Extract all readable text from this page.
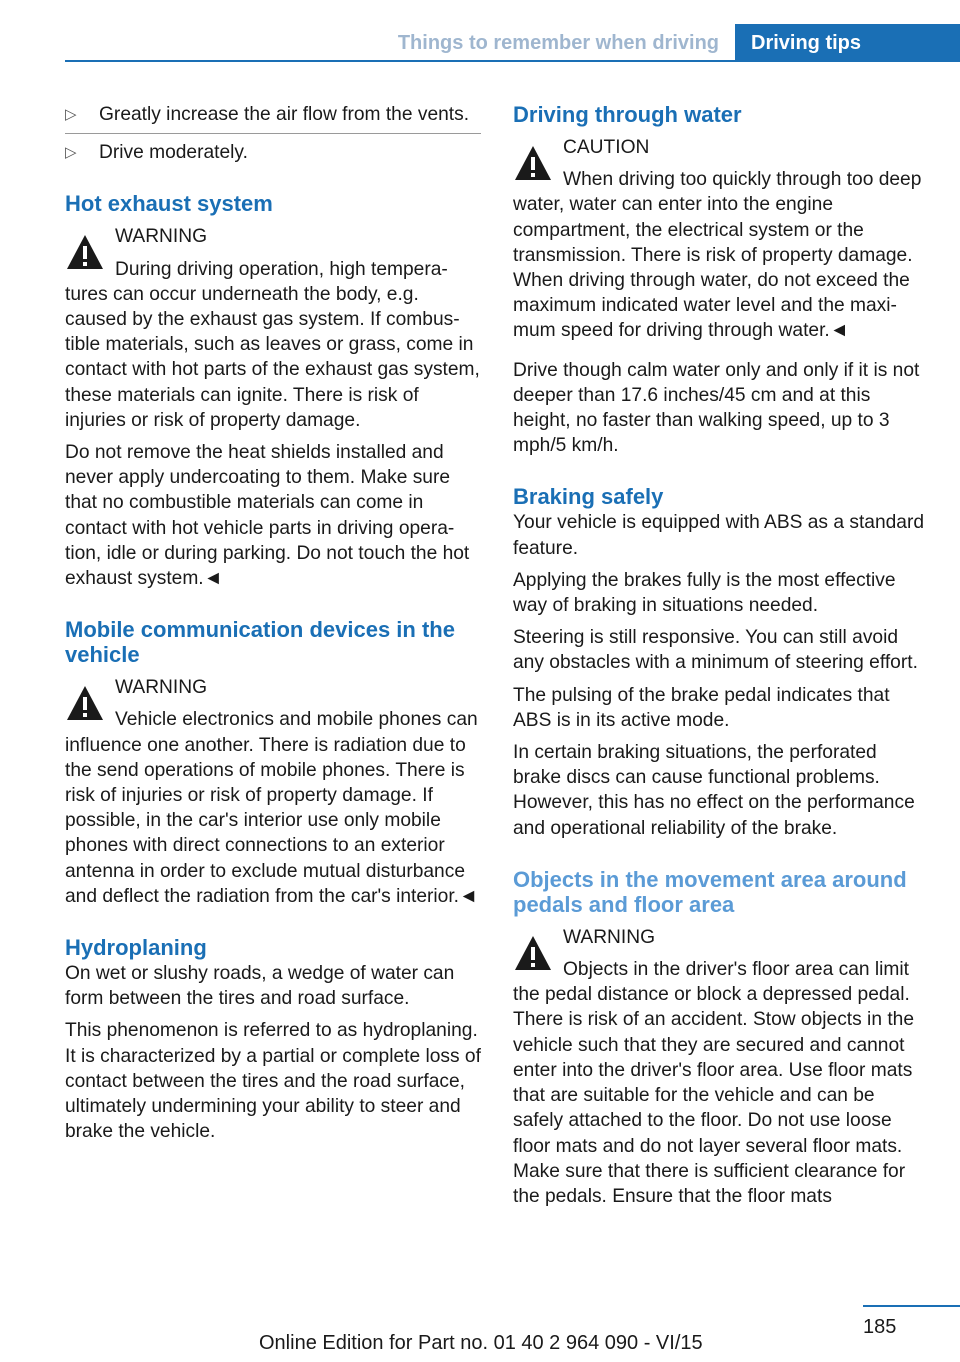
Things to remember when driving	Driving tips
▷ Greatly increase the air flow from the vents.
▷ Drive moderately.
Hot exhaust system
WARNING
During driving operation, high temperatures can occur underneath the body, e.g. caused by the exhaust gas system. If combustible materials, such as leaves or grass, come in contact with hot parts of the exhaust gas system, these materials can ignite. There is risk of injuries or risk of property damage.

Do not remove the heat shields installed and never apply undercoating to them. Make sure that no combustible materials can come in contact with hot vehicle parts in driving operation, idle or during parking. Do not touch the hot exhaust system.◄

Mobile communication devices in the vehicle
WARNING
Vehicle electronics and mobile phones can influence one another. There is radiation due to the send operations of mobile phones. There is risk of injuries or risk of property damage. If possible, in the car's interior use only mobile phones with direct connections to an exterior antenna in order to exclude mutual disturbance and deflect the radiation from the car's interior.◄
Hydroplaning

On wet or slushy roads, a wedge of water can form between the tires and road surface.

This phenomenon is referred to as hydroplaning. It is characterized by a partial or complete loss of contact between the tires and the road surface, ultimately undermining your ability to steer and brake the vehicle.

Driving through water
CAUTION
When driving too quickly through too deep water, water can enter into the engine compartment, the electrical system or the transmission. There is risk of property damage. When driving through water, do not exceed the maximum indicated water level and the maximum speed for driving through water.◄

Drive though calm water only and only if it is not deeper than 17.6 inches/45 cm and at this height, no faster than walking speed, up to 3 mph/5 km/h.

Braking safely

Your vehicle is equipped with ABS as a standard feature.

Applying the brakes fully is the most effective way of braking in situations needed.

Steering is still responsive. You can still avoid any obstacles with a minimum of steering effort.

The pulsing of the brake pedal indicates that ABS is in its active mode.

In certain braking situations, the perforated brake discs can cause functional problems. However, this has no effect on the performance and operational reliability of the brake.

Objects in the movement area around pedals and floor area
WARNING
Objects in the driver's floor area can limit the pedal distance or block a depressed pedal. There is risk of an accident. Stow objects in the vehicle such that they are secured and cannot enter into the driver's floor area. Use floor mats that are suitable for the vehicle and can be safely attached to the floor. Do not use loose floor mats and do not layer several floor mats. Make sure that there is sufficient clearance for the pedals. Ensure that the floor mats
185
Online Edition for Part no. 01 40 2 964 090 - VI/15
